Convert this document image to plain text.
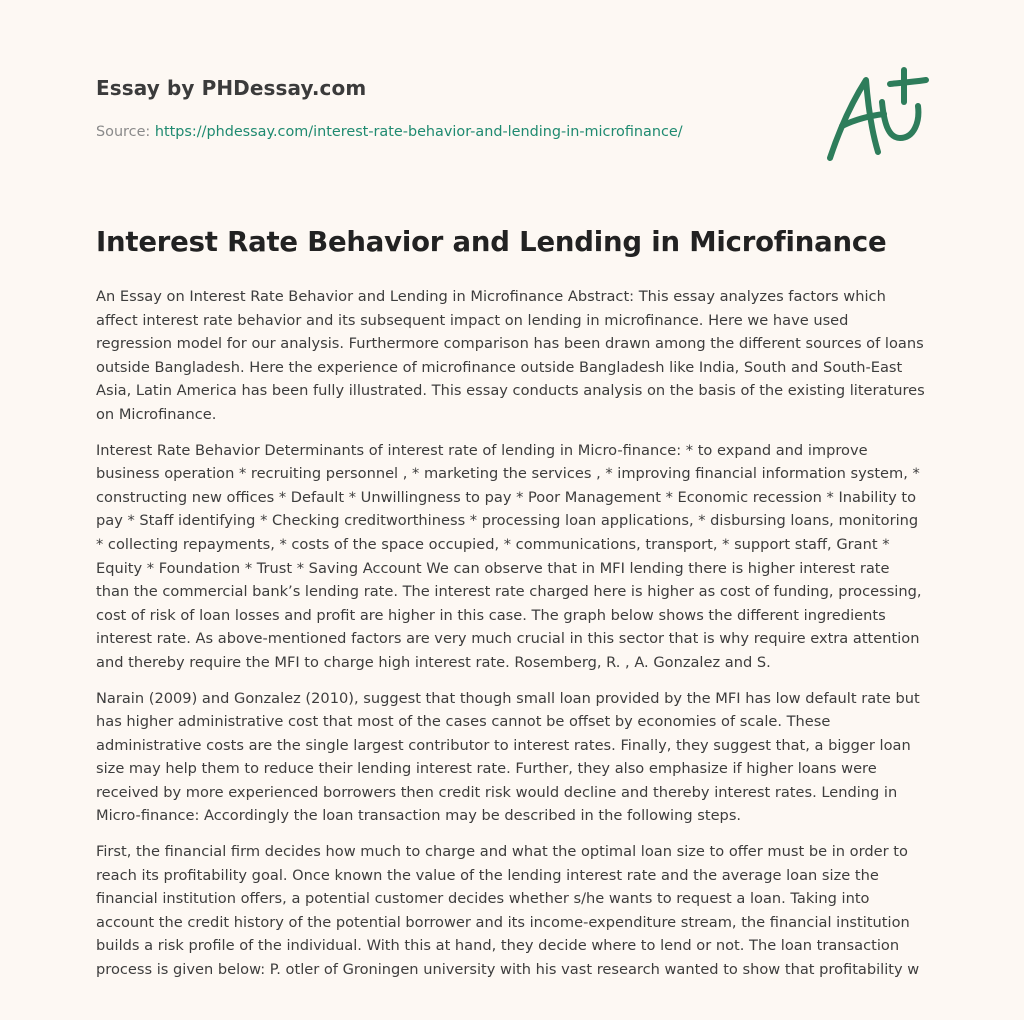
Essay by PHDessay.com
Source: https://phdessay.com/interest-rate-behavior-and-lending-in-microfinance/
Interest Rate Behavior and Lending in Microfinance

An Essay on Interest Rate Behavior and Lending in Microfinance Abstract: This essay analyzes factors which
affect interest rate behavior and its subsequent impact on lending in microfinance. Here we have used
regression model for our analysis. Furthermore comparison has been drawn among the different sources of loans
outside Bangladesh. Here the experience of microfinance outside Bangladesh like India, South and South-East
Asia, Latin America has been fully illustrated. This essay conducts analysis on the basis of the existing literatures
on Microfinance.

Interest Rate Behavior Determinants of interest rate of lending in Micro-finance: * to expand and improve
business operation * recruiting personnel , * marketing the services , * improving financial information system, *
constructing new offices * Default * Unwillingness to pay * Poor Management * Economic recession * Inability to
pay * Staff identifying * Checking creditworthiness * processing loan applications, * disbursing loans, monitoring
* collecting repayments, * costs of the space occupied, * communications, transport, * support staff, Grant *
Equity * Foundation * Trust * Saving Account We can observe that in MFI lending there is higher interest rate
than the commercial bank’s lending rate. The interest rate charged here is higher as cost of funding, processing,
cost of risk of loan losses and profit are higher in this case. The graph below shows the different ingredients
interest rate. As above-mentioned factors are very much crucial in this sector that is why require extra attention
and thereby require the MFI to charge high interest rate. Rosemberg, R. , A. Gonzalez and S.

Narain (2009) and Gonzalez (2010), suggest that though small loan provided by the MFI has low default rate but
has higher administrative cost that most of the cases cannot be offset by economies of scale. These
administrative costs are the single largest contributor to interest rates. Finally, they suggest that, a bigger loan
size may help them to reduce their lending interest rate. Further, they also emphasize if higher loans were
received by more experienced borrowers then credit risk would decline and thereby interest rates. Lending in
Micro-finance: Accordingly the loan transaction may be described in the following steps.

First, the financial firm decides how much to charge and what the optimal loan size to offer must be in order to
reach its profitability goal. Once known the value of the lending interest rate and the average loan size the
financial institution offers, a potential customer decides whether s/he wants to request a loan. Taking into
account the credit history of the potential borrower and its income-expenditure stream, the financial institution
builds a risk profile of the individual. With this at hand, they decide where to lend or not. The loan transaction
process is given below: P. otler of Groningen university with his vast research wanted to show that profitability w
